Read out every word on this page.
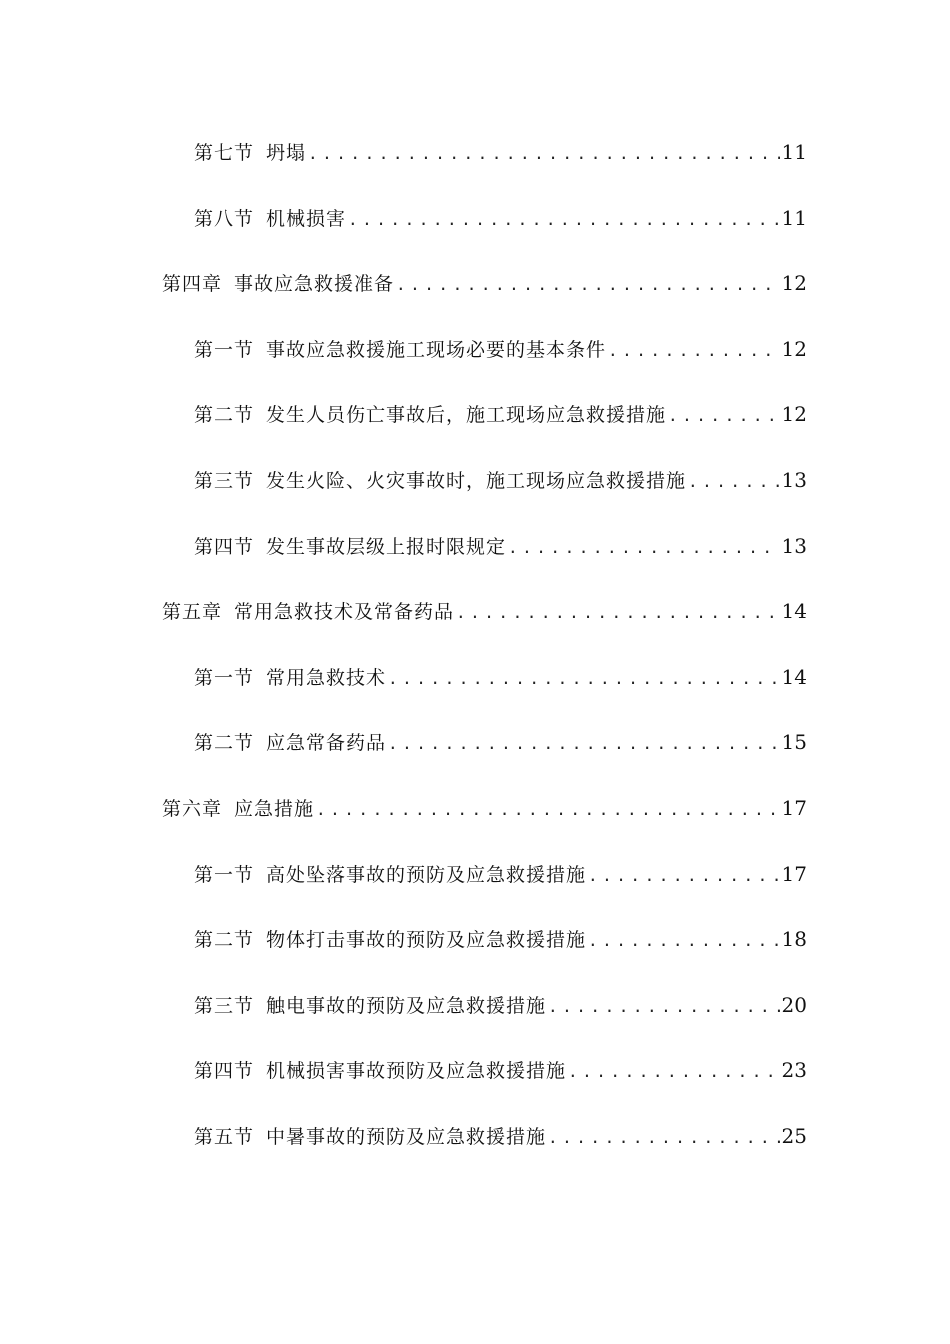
第七节 坍塌 .....	11
第八节 机械损害 .....	11
第四章 事故应急救援准备 .....	12
第一节 事故应急救援施工现场必要的基本条件 .....	12
第二节 发生人员伤亡事故后，施工现场应急救援措施 .....	12
第三节 发生火险、火灾事故时，施工现场应急救援措施 .....	13
第四节 发生事故层级上报时限规定 .....	13
第五章 常用急救技术及常备药品 .....	14
第一节 常用急救技术 .....	14
第二节 应急常备药品 .....	15
第六章 应急措施 .....	17
第一节 高处坠落事故的预防及应急救援措施 .....	17
第二节 物体打击事故的预防及应急救援措施 .....	18
第三节 触电事故的预防及应急救援措施 .....	20
第四节 机械损害事故预防及应急救援措施 .....	23
第五节 中暑事故的预防及应急救援措施 .....	25
